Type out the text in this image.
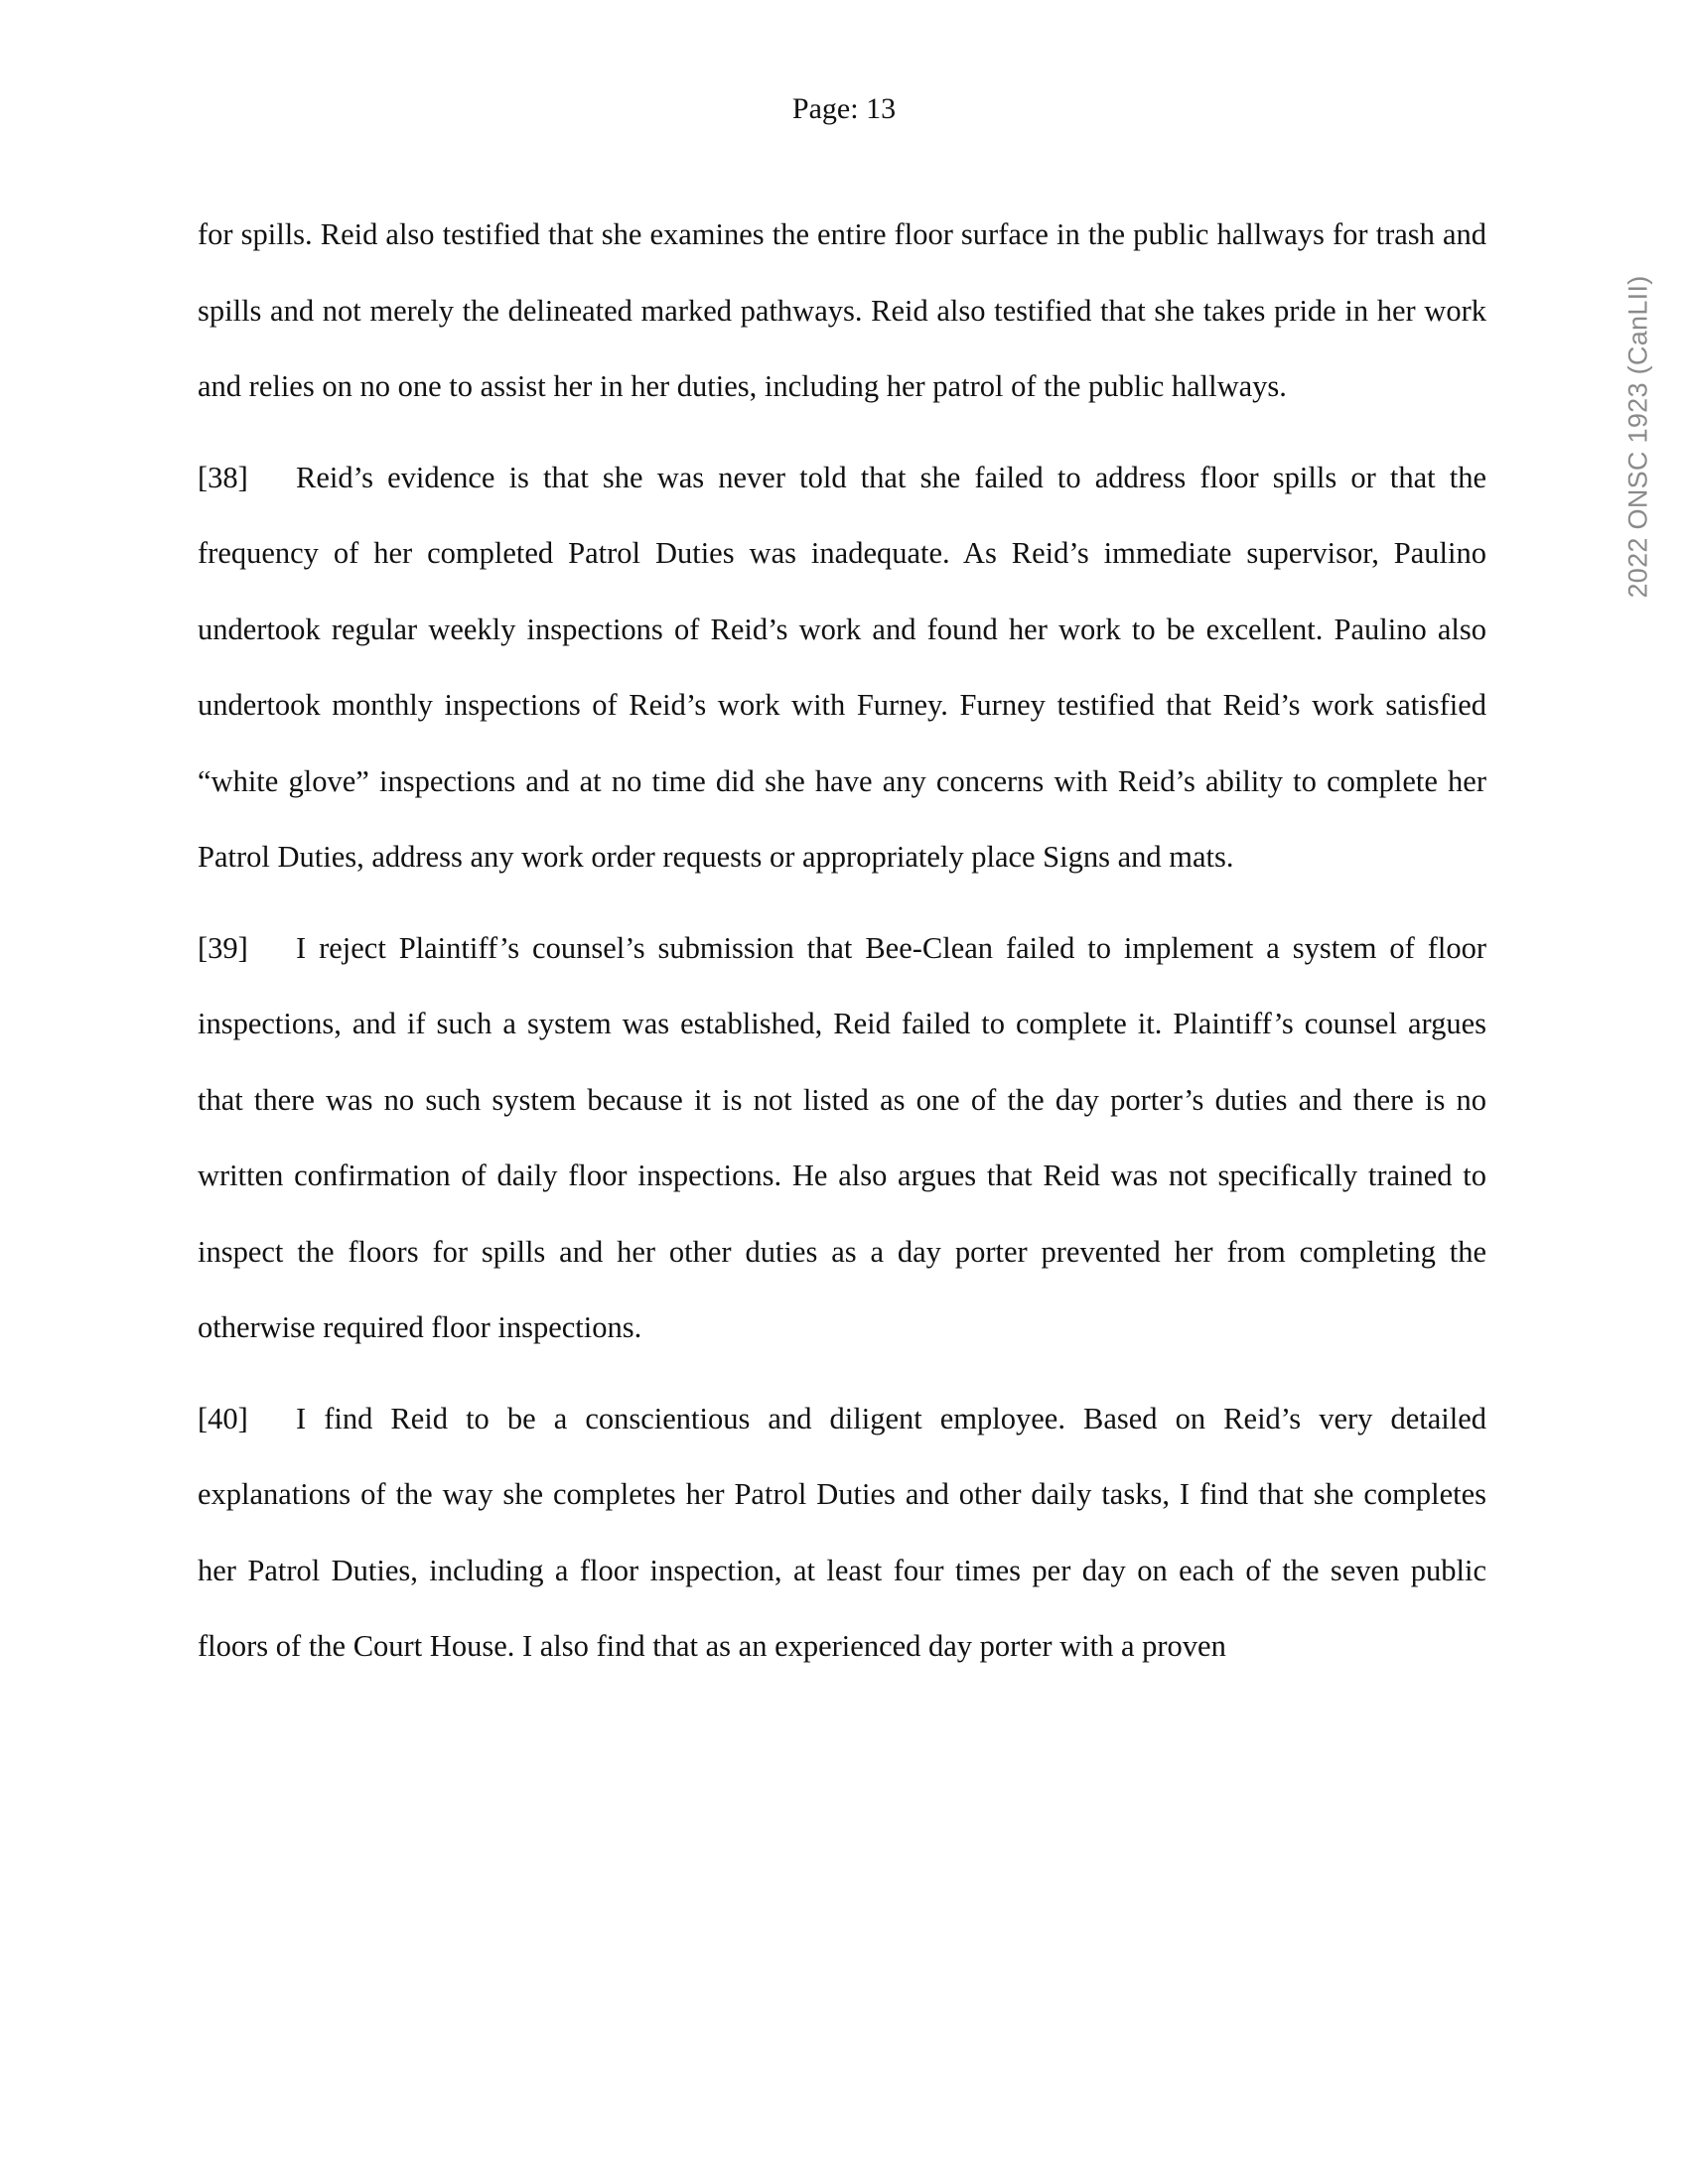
Page: 13
2022 ONSC 1923 (CanLII)

for spills. Reid also testified that she examines the entire floor surface in the public hallways for trash and spills and not merely the delineated marked pathways. Reid also testified that she takes pride in her work and relies on no one to assist her in her duties, including her patrol of the public hallways.

[38] Reid’s evidence is that she was never told that she failed to address floor spills or that the frequency of her completed Patrol Duties was inadequate. As Reid’s immediate supervisor, Paulino undertook regular weekly inspections of Reid’s work and found her work to be excellent. Paulino also undertook monthly inspections of Reid’s work with Furney. Furney testified that Reid’s work satisfied “white glove” inspections and at no time did she have any concerns with Reid’s ability to complete her Patrol Duties, address any work order requests or appropriately place Signs and mats.

[39] I reject Plaintiff’s counsel’s submission that Bee-Clean failed to implement a system of floor inspections, and if such a system was established, Reid failed to complete it. Plaintiff’s counsel argues that there was no such system because it is not listed as one of the day porter’s duties and there is no written confirmation of daily floor inspections. He also argues that Reid was not specifically trained to inspect the floors for spills and her other duties as a day porter prevented her from completing the otherwise required floor inspections.

[40] I find Reid to be a conscientious and diligent employee. Based on Reid’s very detailed explanations of the way she completes her Patrol Duties and other daily tasks, I find that she completes her Patrol Duties, including a floor inspection, at least four times per day on each of the seven public floors of the Court House. I also find that as an experienced day porter with a proven
